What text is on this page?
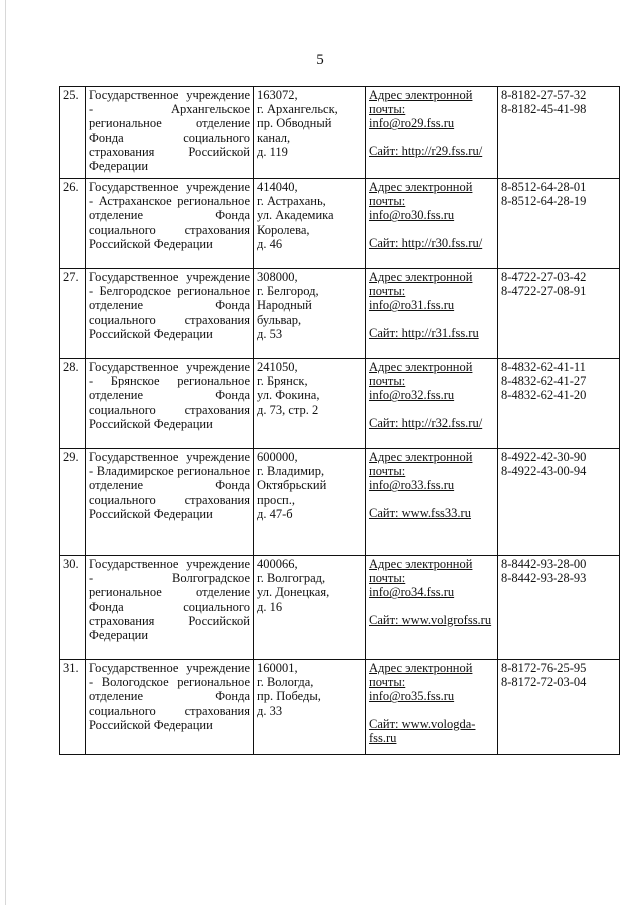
5
25.	Государственное учреждение - Архангельское региональное отделение Фонда социального страхования Российской Федерации	163072,
г. Архангельск,
пр. Обводный
канал,
д. 119	Адрес электронной почты:
info@ro29.fss.ru
Сайт: http://r29.fss.ru/	8-8182-27-57-32
8-8182-45-41-98

26.	Государственное учреждение - Астраханское региональное отделение Фонда социального страхования Российской Федерации	414040,
г. Астрахань,
ул. Академика
Королева,
д. 46	Адрес электронной почты:
info@ro30.fss.ru
Сайт: http://r30.fss.ru/	8-8512-64-28-01
8-8512-64-28-19

27.	Государственное учреждение - Белгородское региональное отделение Фонда социального страхования Российской Федерации	308000,
г. Белгород,
Народный
бульвар,
д. 53	Адрес электронной почты:
info@ro31.fss.ru
Сайт: http://r31.fss.ru	8-4722-27-03-42
8-4722-27-08-91

28.	Государственное учреждение - Брянское региональное отделение Фонда социального страхования Российской Федерации	241050,
г. Брянск,
ул. Фокина,
д. 73, стр. 2	Адрес электронной почты:
info@ro32.fss.ru
Сайт: http://r32.fss.ru/	8-4832-62-41-11
8-4832-62-41-27
8-4832-62-41-20

29.	Государственное учреждение - Владимирское региональное отделение Фонда социального страхования Российской Федерации	600000,
г. Владимир,
Октябрьский
просп.,
д. 47-б	Адрес электронной почты:
info@ro33.fss.ru
Сайт: www.fss33.ru	8-4922-42-30-90
8-4922-43-00-94

30.	Государственное учреждение - Волгоградское региональное отделение Фонда социального страхования Российской Федерации	400066,
г. Волгоград,
ул. Донецкая,
д. 16	Адрес электронной почты:
info@ro34.fss.ru
Сайт: www.volgrofss.ru	8-8442-93-28-00
8-8442-93-28-93

31.	Государственное учреждение - Вологодское региональное отделение Фонда социального страхования Российской Федерации	160001,
г. Вологда,
пр. Победы,
д. 33	Адрес электронной почты:
info@ro35.fss.ru
Сайт: www.vologda-fss.ru	8-8172-76-25-95
8-8172-72-03-04
